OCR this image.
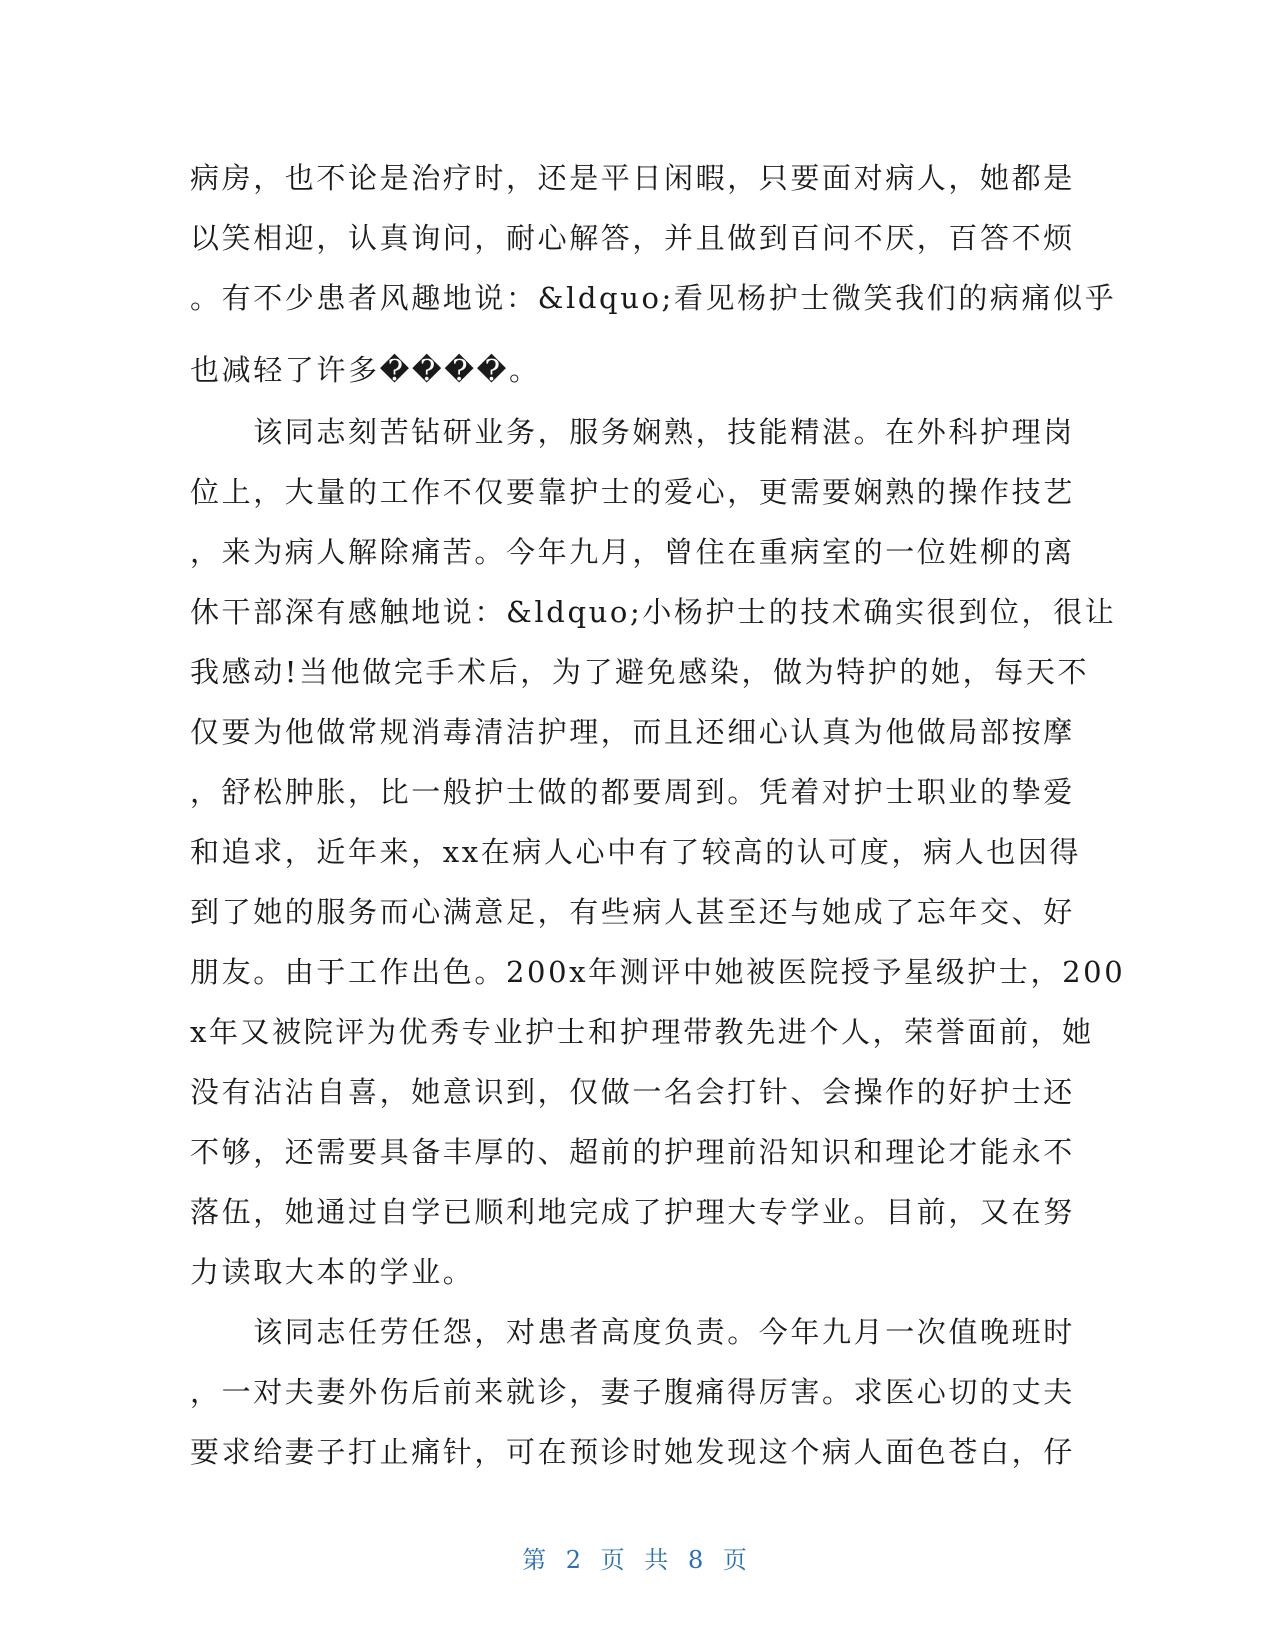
病房，也不论是治疗时，还是平日闲暇，只要面对病人，她都是
以笑相迎，认真询问，耐心解答，并且做到百问不厌，百答不烦
。有不少患者风趣地说：&ldquo;看见杨护士微笑我们的病痛似乎
也减轻了许多����。
　　该同志刻苦钻研业务，服务娴熟，技能精湛。在外科护理岗
位上，大量的工作不仅要靠护士的爱心，更需要娴熟的操作技艺
，来为病人解除痛苦。今年九月，曾住在重病室的一位姓柳的离
休干部深有感触地说：&ldquo;小杨护士的技术确实很到位，很让
我感动!当他做完手术后，为了避免感染，做为特护的她，每天不
仅要为他做常规消毒清洁护理，而且还细心认真为他做局部按摩
，舒松肿胀，比一般护士做的都要周到。凭着对护士职业的挚爱
和追求，近年来，xx在病人心中有了较高的认可度，病人也因得
到了她的服务而心满意足，有些病人甚至还与她成了忘年交、好
朋友。由于工作出色。200x年测评中她被医院授予星级护士，200
x年又被院评为优秀专业护士和护理带教先进个人，荣誉面前，她
没有沾沾自喜，她意识到，仅做一名会打针、会操作的好护士还
不够，还需要具备丰厚的、超前的护理前沿知识和理论才能永不
落伍，她通过自学已顺利地完成了护理大专学业。目前，又在努
力读取大本的学业。
　　该同志任劳任怨，对患者高度负责。今年九月一次值晚班时
，一对夫妻外伤后前来就诊，妻子腹痛得厉害。求医心切的丈夫
要求给妻子打止痛针，可在预诊时她发现这个病人面色苍白，仔
第 2 页 共 8 页
